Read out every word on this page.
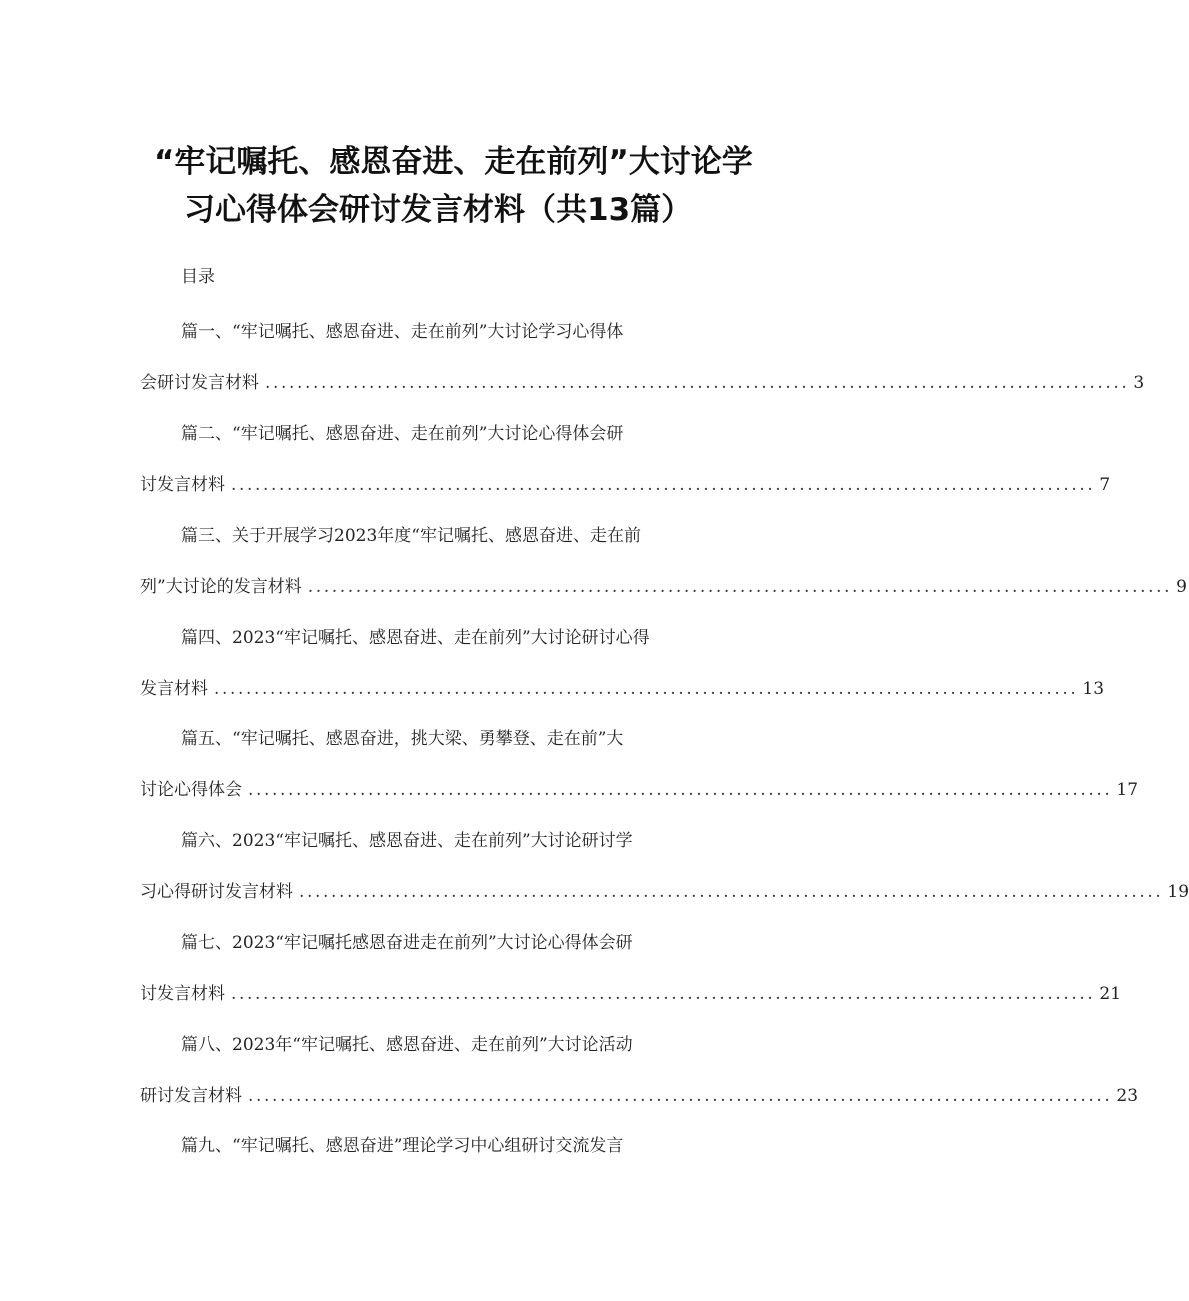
“牢记嘱托、感恩奋进、走在前列”大讨论学
习心得体会研讨发言材料（共13篇）
目录
篇一、“牢记嘱托、感恩奋进、走在前列”大讨论学习心得体
会研讨发言材料 ............................................................................................................ 3
篇二、“牢记嘱托、感恩奋进、走在前列”大讨论心得体会研
讨发言材料 ............................................................................................................ 7
篇三、关于开展学习2023年度“牢记嘱托、感恩奋进、走在前
列”大讨论的发言材料 ............................................................................................................ 9
篇四、2023“牢记嘱托、感恩奋进、走在前列”大讨论研讨心得
发言材料 ............................................................................................................ 13
篇五、“牢记嘱托、感恩奋进，挑大梁、勇攀登、走在前”大
讨论心得体会 ............................................................................................................ 17
篇六、2023“牢记嘱托、感恩奋进、走在前列”大讨论研讨学
习心得研讨发言材料 ............................................................................................................ 19
篇七、2023“牢记嘱托感恩奋进走在前列”大讨论心得体会研
讨发言材料 ............................................................................................................ 21
篇八、2023年“牢记嘱托、感恩奋进、走在前列”大讨论活动
研讨发言材料 ............................................................................................................ 23
篇九、“牢记嘱托、感恩奋进”理论学习中心组研讨交流发言
